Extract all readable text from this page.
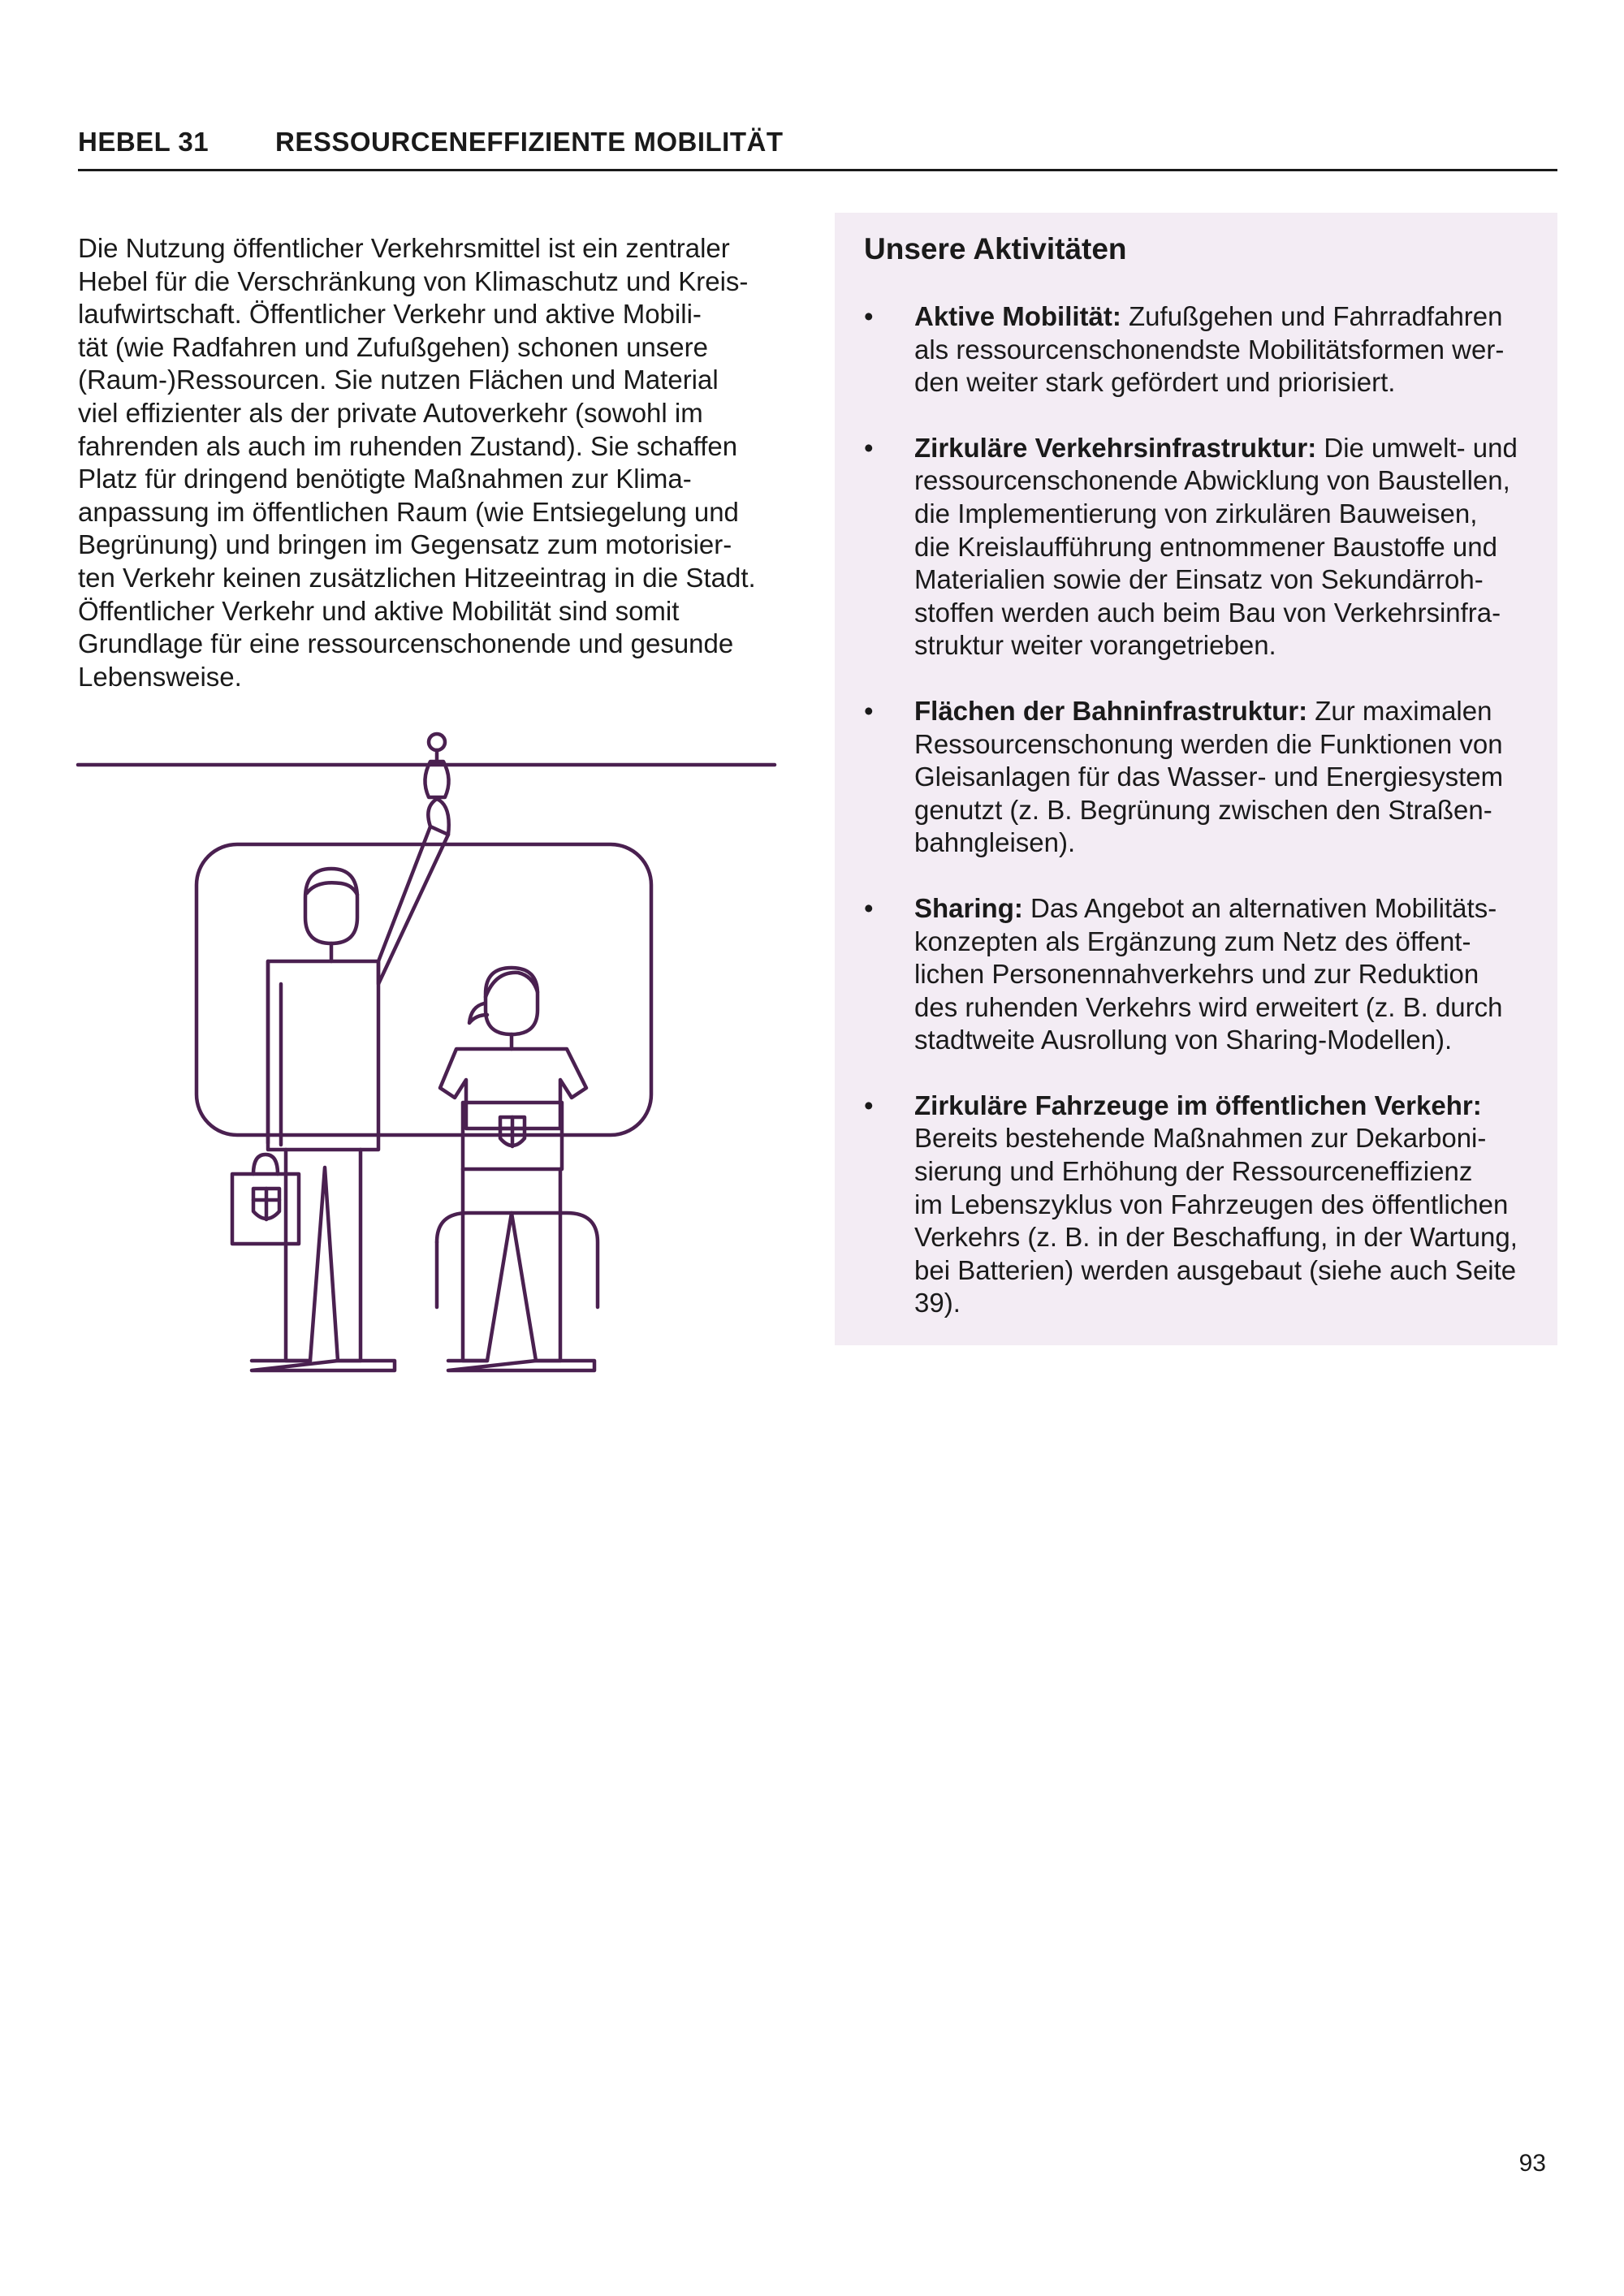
HEBEL 31 RESSOURCENEFFIZIENTE MOBILITÄT

Die Nutzung öffentlicher Verkehrsmittel ist ein zentraler
Hebel für die Verschränkung von Klimaschutz und Kreis-
laufwirtschaft. Öffentlicher Verkehr und aktive Mobili-
tät (wie Radfahren und Zufußgehen) schonen unsere
(Raum-)Ressourcen. Sie nutzen Flächen und Material
viel effizienter als der private Autoverkehr (sowohl im
fahrenden als auch im ruhenden Zustand). Sie schaffen
Platz für dringend benötigte Maßnahmen zur Klima-
anpassung im öffentlichen Raum (wie Entsiegelung und
Begrünung) und bringen im Gegensatz zum motorisier-
ten Verkehr keinen zusätzlichen Hitzeeintrag in die Stadt.
Öffentlicher Verkehr und aktive Mobilität sind somit
Grundlage für eine ressourcenschonende und gesunde
Lebensweise.

Unsere Aktivitäten
• Aktive Mobilität: Zufußgehen und Fahrradfahren
als ressourcenschonendste Mobilitätsformen wer-
den weiter stark gefördert und priorisiert.
• Zirkuläre Verkehrsinfrastruktur: Die umwelt- und
ressourcenschonende Abwicklung von Baustellen,
die Implementierung von zirkulären Bauweisen,
die Kreislaufführung entnommener Baustoffe und
Materialien sowie der Einsatz von Sekundärroh-
stoffen werden auch beim Bau von Verkehrsinfra-
struktur weiter vorangetrieben.
• Flächen der Bahninfrastruktur: Zur maximalen
Ressourcenschonung werden die Funktionen von
Gleisanlagen für das Wasser- und Energiesystem
genutzt (z. B. Begrünung zwischen den Straßen-
bahngleisen).
• Sharing: Das Angebot an alternativen Mobilitäts-
konzepten als Ergänzung zum Netz des öffent-
lichen Personennahverkehrs und zur Reduktion
des ruhenden Verkehrs wird erweitert (z. B. durch
stadtweite Ausrollung von Sharing-Modellen).
• Zirkuläre Fahrzeuge im öffentlichen Verkehr:
Bereits bestehende Maßnahmen zur Dekarboni-
sierung und Erhöhung der Ressourceneffizienz
im Lebenszyklus von Fahrzeugen des öffentlichen
Verkehrs (z. B. in der Beschaffung, in der Wartung,
bei Batterien) werden ausgebaut (siehe auch Seite
39).
93
